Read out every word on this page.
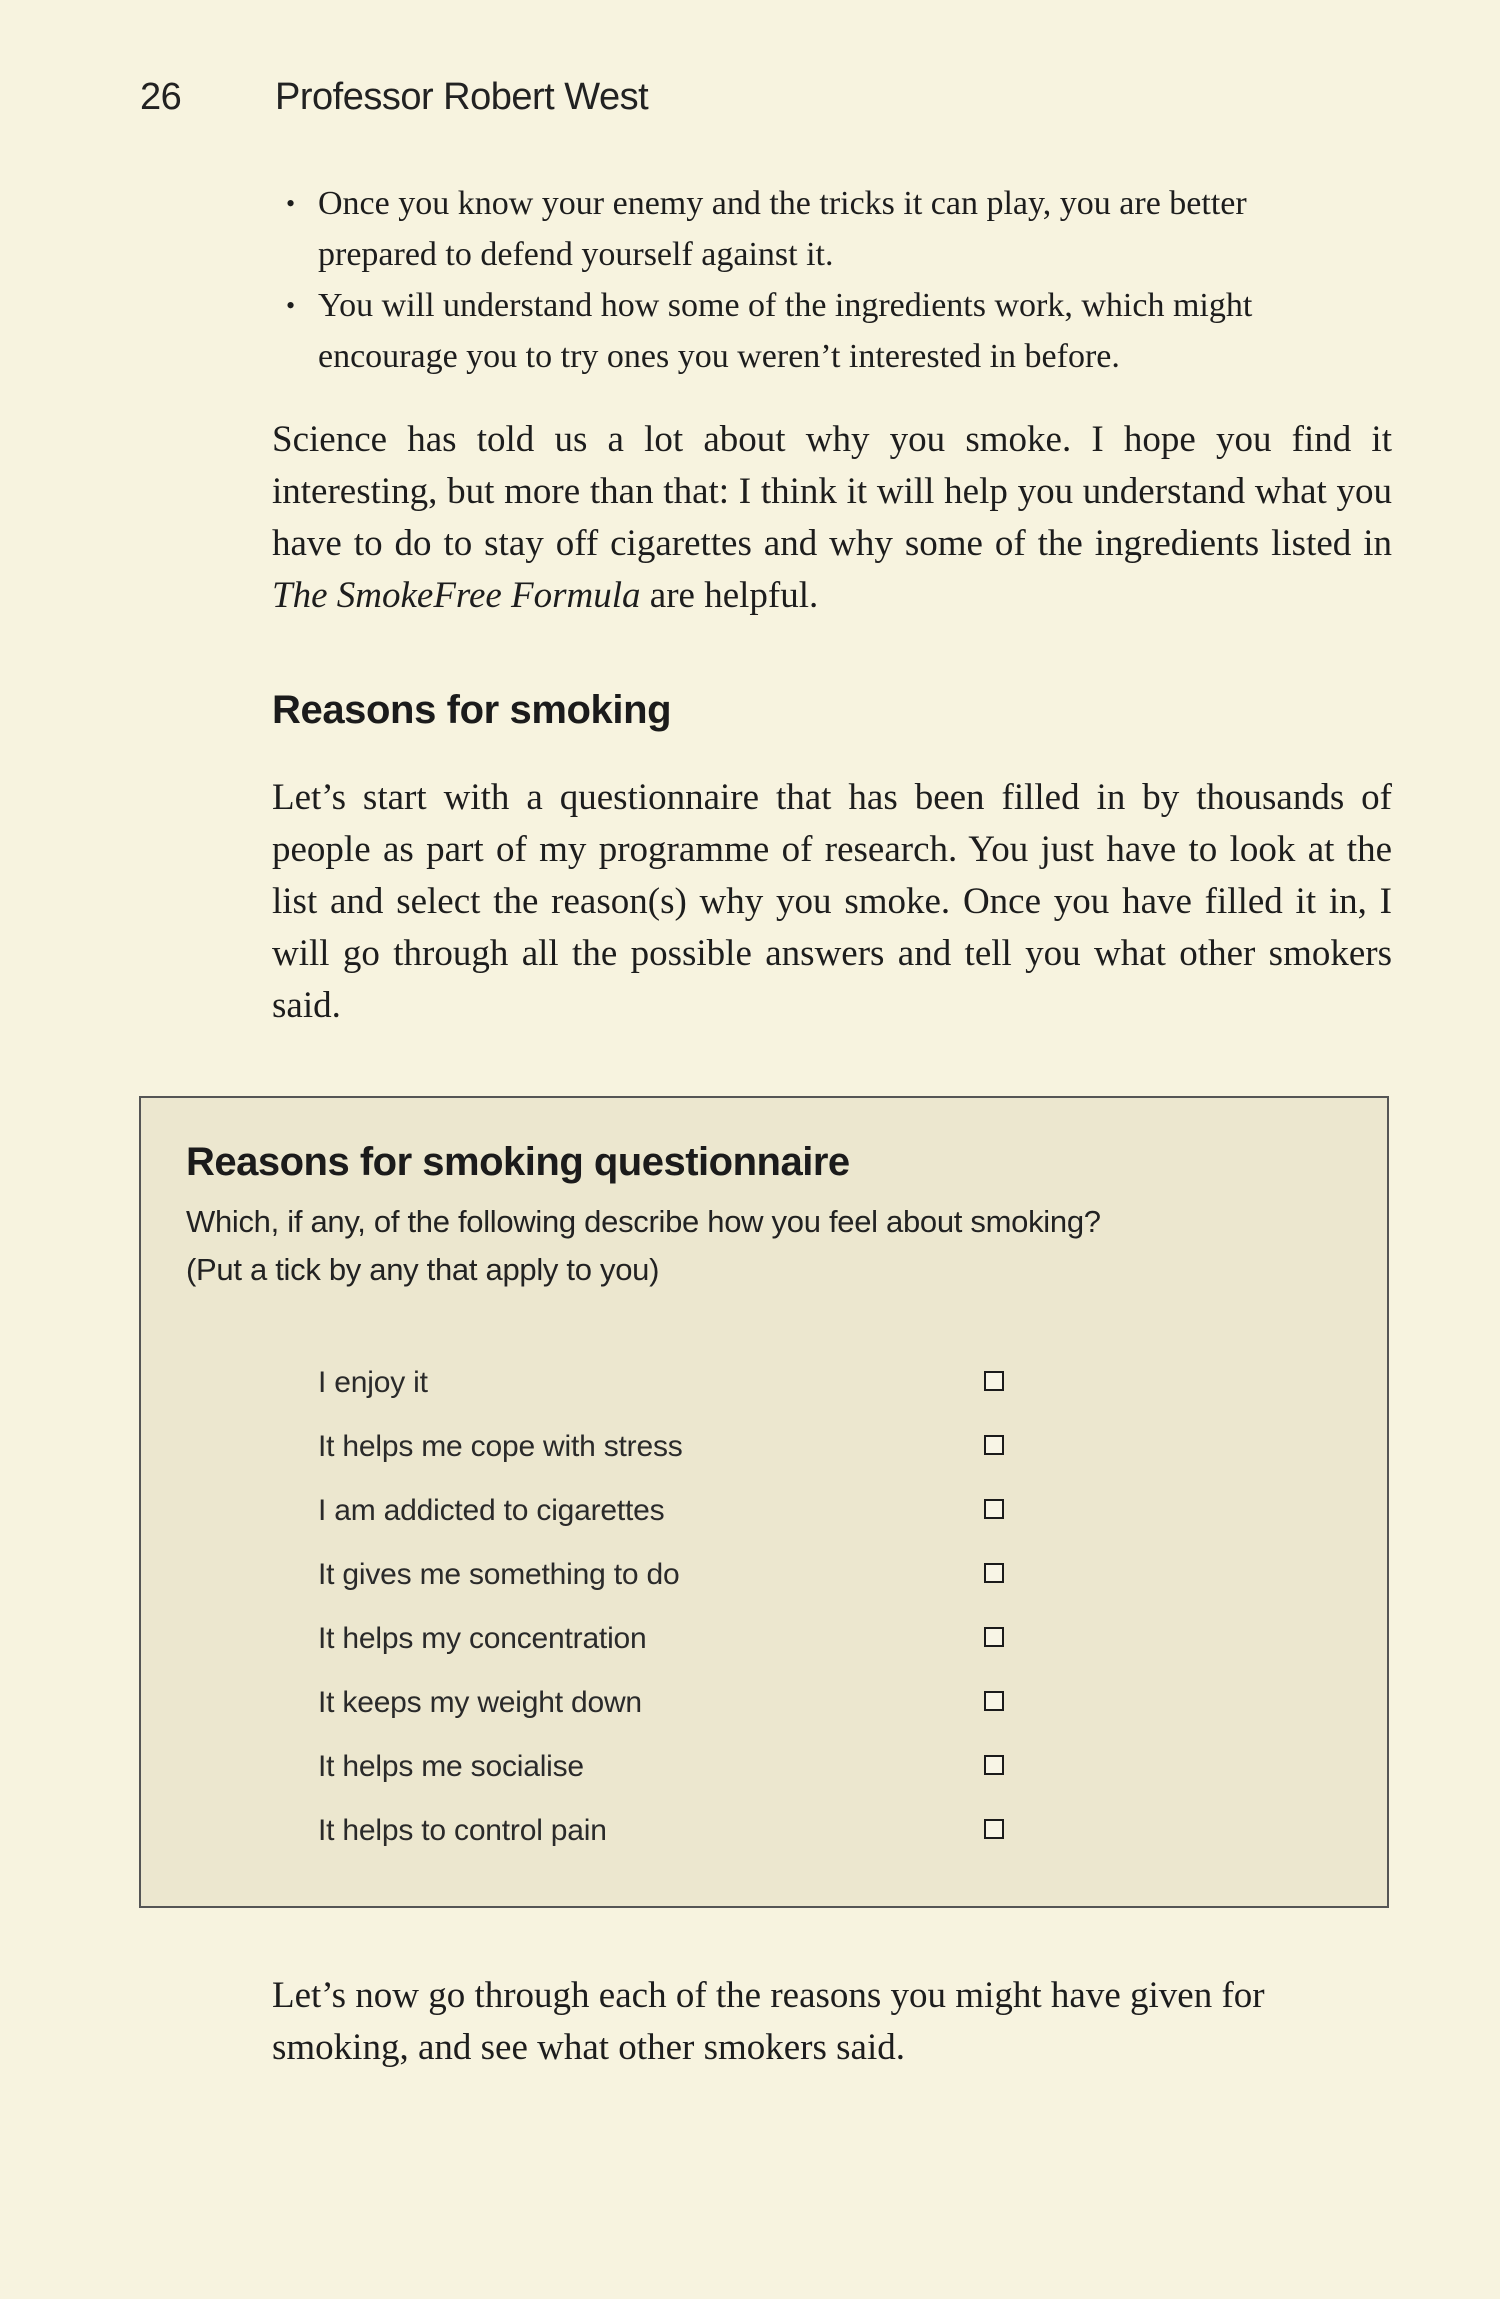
26 Professor Robert West
• Once you know your enemy and the tricks it can play, you are better prepared to defend yourself against it.
• You will understand how some of the ingredients work, which might encourage you to try ones you weren’t interested in before.

Science has told us a lot about why you smoke. I hope you find it interesting, but more than that: I think it will help you understand what you have to do to stay off cigarettes and why some of the ingredients listed in The SmokeFree Formula are helpful.

Reasons for smoking

Let’s start with a questionnaire that has been filled in by thousands of people as part of my programme of research. You just have to look at the list and select the reason(s) why you smoke. Once you have filled it in, I will go through all the possible answers and tell you what other smokers said.

Reasons for smoking questionnaire
Which, if any, of the following describe how you feel about smoking?
(Put a tick by any that apply to you)
I enjoy it
It helps me cope with stress
I am addicted to cigarettes
It gives me something to do
It helps my concentration
It keeps my weight down
It helps me socialise
It helps to control pain

Let’s now go through each of the reasons you might have given for smoking, and see what other smokers said.
